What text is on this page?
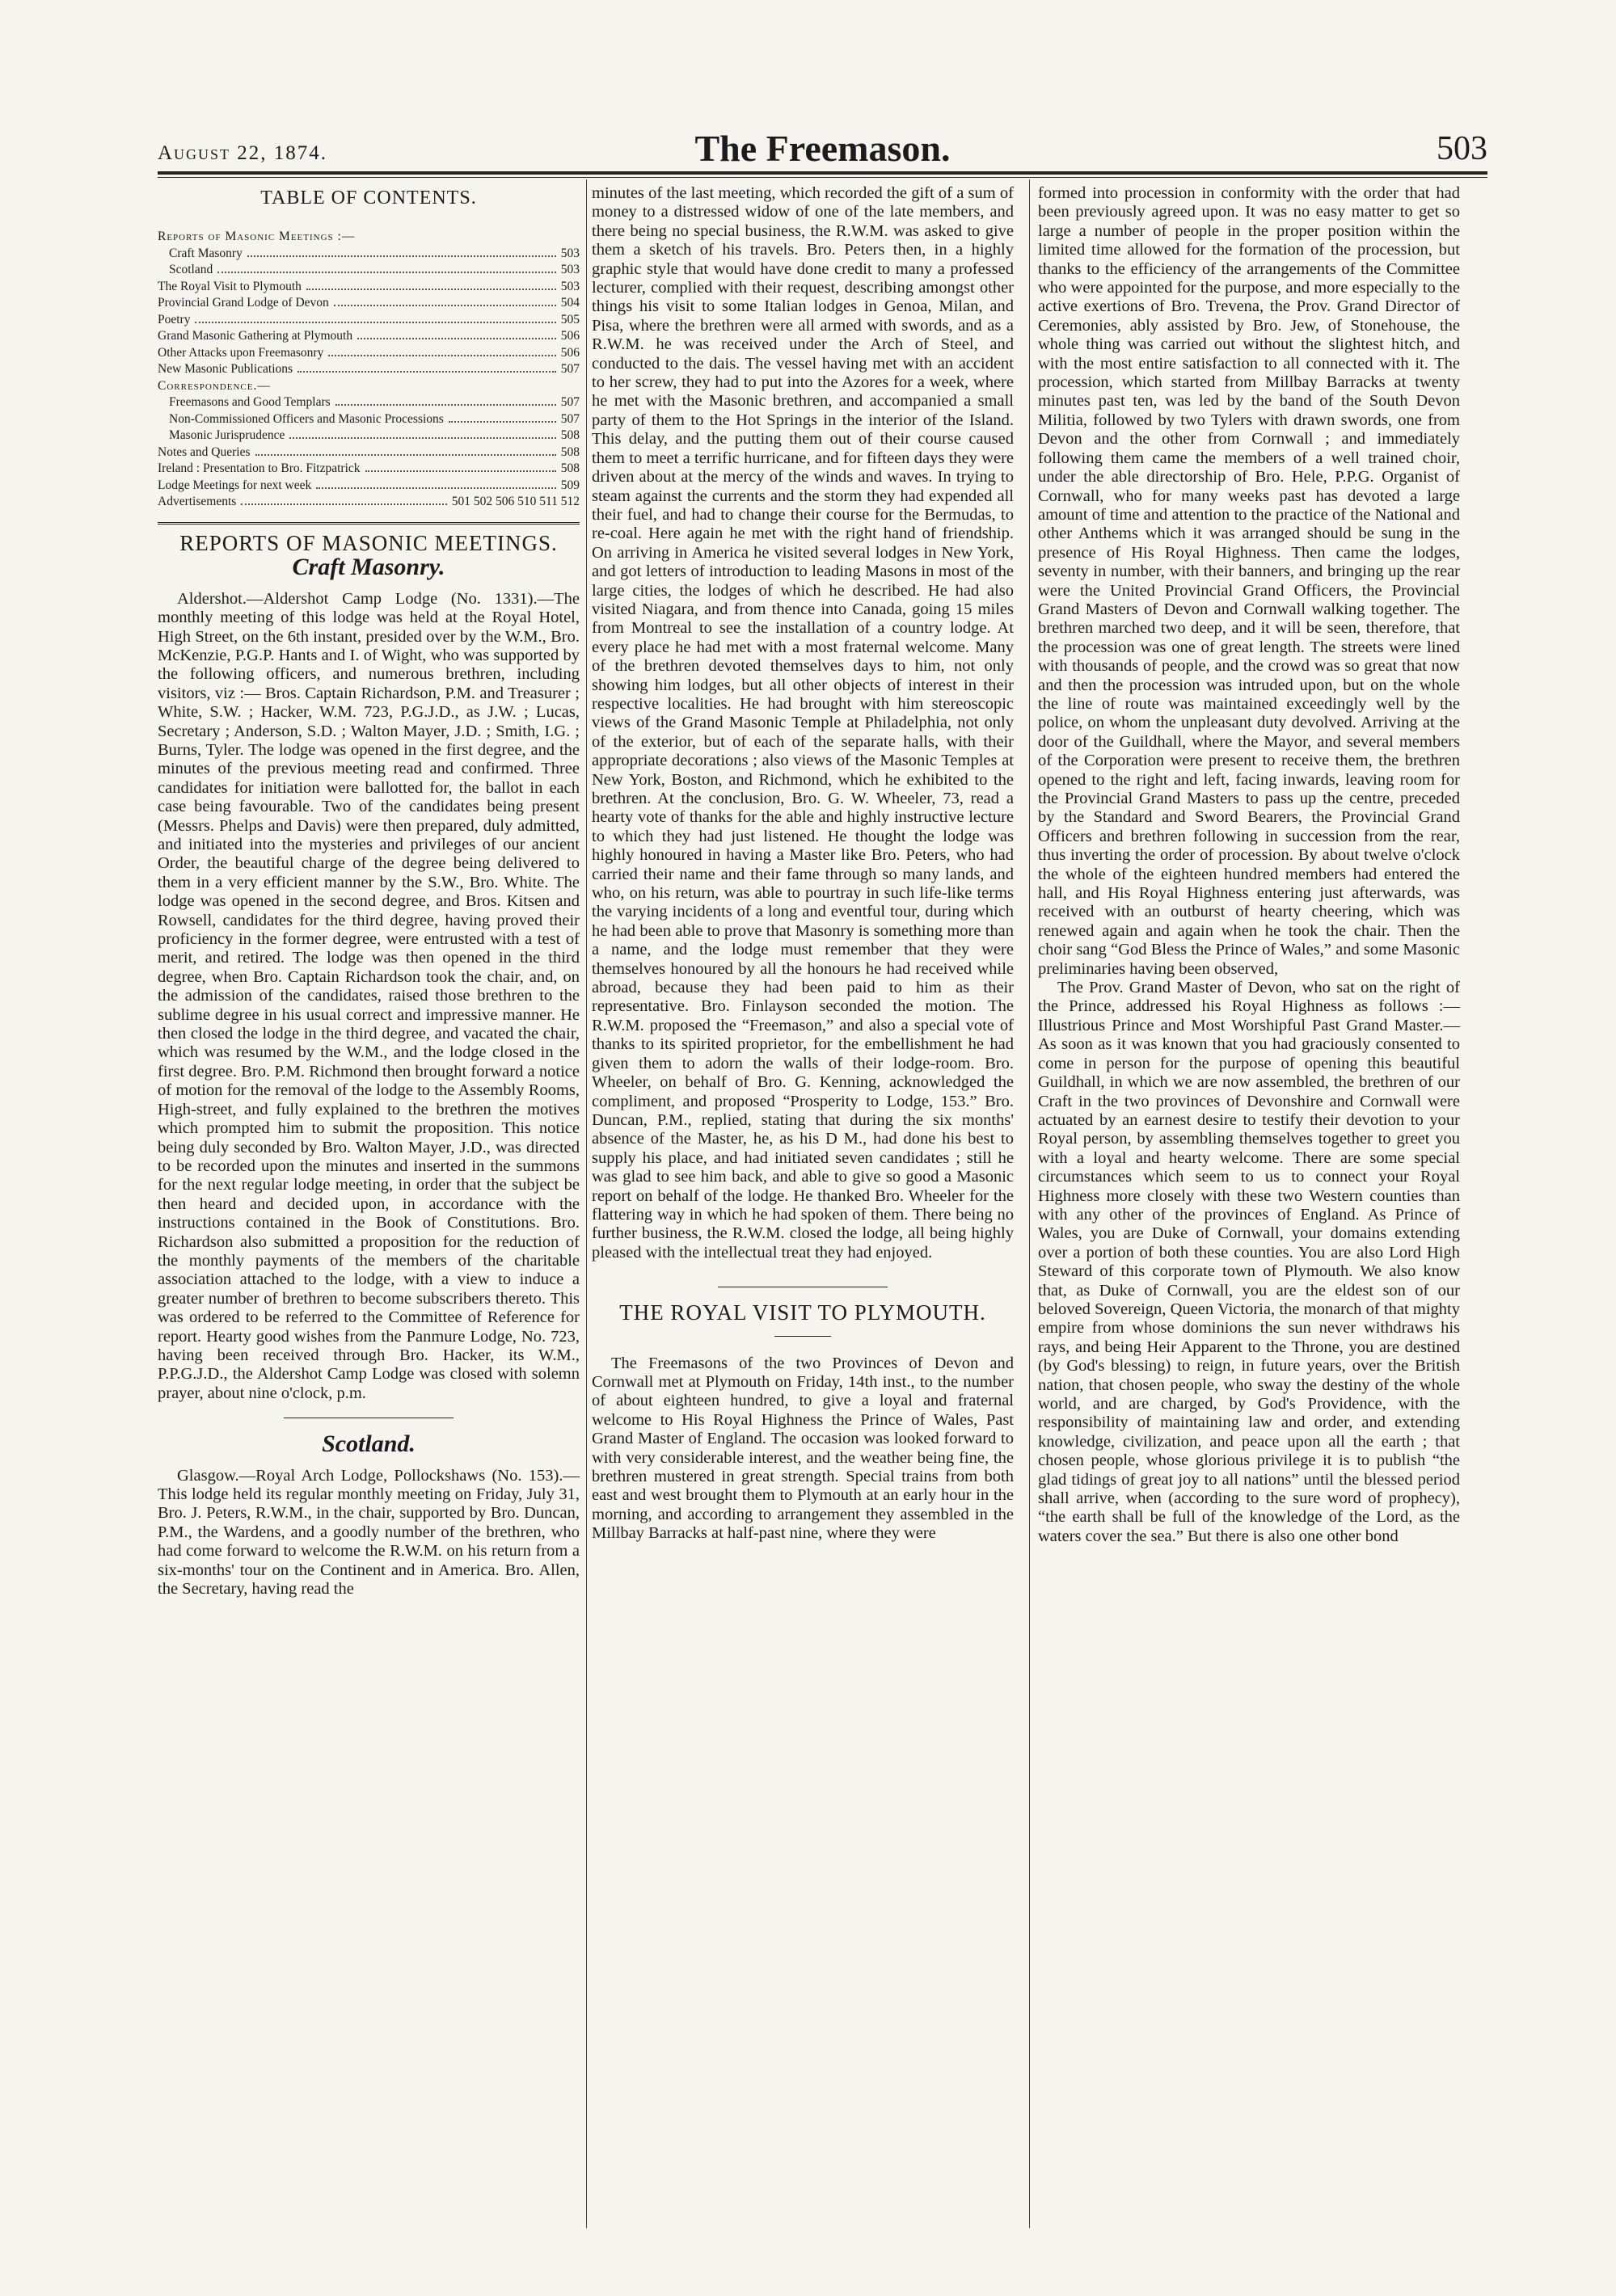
August 22, 1874.	The Freemason.	503
TABLE OF CONTENTS.
Reports of Masonic Meetings :—
Craft Masonry	503
Scotland	503
The Royal Visit to Plymouth	503
Provincial Grand Lodge of Devon	504
Poetry	505
Grand Masonic Gathering at Plymouth	506
Other Attacks upon Freemasonry	506
New Masonic Publications	507
Correspondence.—
Freemasons and Good Templars	507
Non-Commissioned Officers and Masonic Processions	507
Masonic Jurisprudence	508
Notes and Queries	508
Ireland : Presentation to Bro. Fitzpatrick	508
Lodge Meetings for next week	509
Advertisements	501 502 506 510 511 512
REPORTS OF MASONIC MEETINGS.
Craft Masonry.

Aldershot.—Aldershot Camp Lodge (No. 1331).—The monthly meeting of this lodge was held at the Royal Hotel, High Street, on the 6th instant, presided over by the W.M., Bro. McKenzie, P.G.P. Hants and I. of Wight, who was supported by the following officers, and numerous brethren, including visitors, viz :— Bros. Captain Richardson, P.M. and Treasurer ; White, S.W. ; Hacker, W.M. 723, P.G.J.D., as J.W. ; Lucas, Secretary ; Anderson, S.D. ; Walton Mayer, J.D. ; Smith, I.G. ; Burns, Tyler. The lodge was opened in the first degree, and the minutes of the previous meeting read and confirmed. Three candidates for initiation were ballotted for, the ballot in each case being favourable. Two of the candidates being present (Messrs. Phelps and Davis) were then prepared, duly admitted, and initiated into the mysteries and privileges of our ancient Order, the beautiful charge of the degree being delivered to them in a very efficient manner by the S.W., Bro. White. The lodge was opened in the second degree, and Bros. Kitsen and Rowsell, candidates for the third degree, having proved their proficiency in the former degree, were entrusted with a test of merit, and retired. The lodge was then opened in the third degree, when Bro. Captain Richardson took the chair, and, on the admission of the candidates, raised those brethren to the sublime degree in his usual correct and impressive manner. He then closed the lodge in the third degree, and vacated the chair, which was resumed by the W.M., and the lodge closed in the first degree. Bro. P.M. Richmond then brought forward a notice of motion for the removal of the lodge to the Assembly Rooms, High-street, and fully explained to the brethren the motives which prompted him to submit the proposition. This notice being duly seconded by Bro. Walton Mayer, J.D., was directed to be recorded upon the minutes and inserted in the summons for the next regular lodge meeting, in order that the subject be then heard and decided upon, in accordance with the instructions contained in the Book of Constitutions. Bro. Richardson also submitted a proposition for the reduction of the monthly payments of the members of the charitable association attached to the lodge, with a view to induce a greater number of brethren to become subscribers thereto. This was ordered to be referred to the Committee of Reference for report. Hearty good wishes from the Panmure Lodge, No. 723, having been received through Bro. Hacker, its W.M., P.P.G.J.D., the Aldershot Camp Lodge was closed with solemn prayer, about nine o'clock, p.m.

Scotland.

Glasgow.—Royal Arch Lodge, Pollockshaws (No. 153).—This lodge held its regular monthly meeting on Friday, July 31, Bro. J. Peters, R.W.M., in the chair, supported by Bro. Duncan, P.M., the Wardens, and a goodly number of the brethren, who had come forward to welcome the R.W.M. on his return from a six-months' tour on the Continent and in America. Bro. Allen, the Secretary, having read the

minutes of the last meeting, which recorded the gift of a sum of money to a distressed widow of one of the late members, and there being no special business, the R.W.M. was asked to give them a sketch of his travels. Bro. Peters then, in a highly graphic style that would have done credit to many a professed lecturer, complied with their request, describing amongst other things his visit to some Italian lodges in Genoa, Milan, and Pisa, where the brethren were all armed with swords, and as a R.W.M. he was received under the Arch of Steel, and conducted to the dais. The vessel having met with an accident to her screw, they had to put into the Azores for a week, where he met with the Masonic brethren, and accompanied a small party of them to the Hot Springs in the interior of the Island. This delay, and the putting them out of their course caused them to meet a terrific hurricane, and for fifteen days they were driven about at the mercy of the winds and waves. In trying to steam against the currents and the storm they had expended all their fuel, and had to change their course for the Bermudas, to re-coal. Here again he met with the right hand of friendship. On arriving in America he visited several lodges in New York, and got letters of introduction to leading Masons in most of the large cities, the lodges of which he described. He had also visited Niagara, and from thence into Canada, going 15 miles from Montreal to see the installation of a country lodge. At every place he had met with a most fraternal welcome. Many of the brethren devoted themselves days to him, not only showing him lodges, but all other objects of interest in their respective localities. He had brought with him stereoscopic views of the Grand Masonic Temple at Philadelphia, not only of the exterior, but of each of the separate halls, with their appropriate decorations ; also views of the Masonic Temples at New York, Boston, and Richmond, which he exhibited to the brethren. At the conclusion, Bro. G. W. Wheeler, 73, read a hearty vote of thanks for the able and highly instructive lecture to which they had just listened. He thought the lodge was highly honoured in having a Master like Bro. Peters, who had carried their name and their fame through so many lands, and who, on his return, was able to pourtray in such life-like terms the varying incidents of a long and eventful tour, during which he had been able to prove that Masonry is something more than a name, and the lodge must remember that they were themselves honoured by all the honours he had received while abroad, because they had been paid to him as their representative. Bro. Finlayson seconded the motion. The R.W.M. proposed the “Freemason,” and also a special vote of thanks to its spirited proprietor, for the embellishment he had given them to adorn the walls of their lodge-room. Bro. Wheeler, on behalf of Bro. G. Kenning, acknowledged the compliment, and proposed “Prosperity to Lodge, 153.” Bro. Duncan, P.M., replied, stating that during the six months' absence of the Master, he, as his D M., had done his best to supply his place, and had initiated seven candidates ; still he was glad to see him back, and able to give so good a Masonic report on behalf of the lodge. He thanked Bro. Wheeler for the flattering way in which he had spoken of them. There being no further business, the R.W.M. closed the lodge, all being highly pleased with the intellectual treat they had enjoyed.

THE ROYAL VISIT TO PLYMOUTH.

The Freemasons of the two Provinces of Devon and Cornwall met at Plymouth on Friday, 14th inst., to the number of about eighteen hundred, to give a loyal and fraternal welcome to His Royal Highness the Prince of Wales, Past Grand Master of England. The occasion was looked forward to with very considerable interest, and the weather being fine, the brethren mustered in great strength. Special trains from both east and west brought them to Plymouth at an early hour in the morning, and according to arrangement they assembled in the Millbay Barracks at half-past nine, where they were

formed into procession in conformity with the order that had been previously agreed upon. It was no easy matter to get so large a number of people in the proper position within the limited time allowed for the formation of the procession, but thanks to the efficiency of the arrangements of the Committee who were appointed for the purpose, and more especially to the active exertions of Bro. Trevena, the Prov. Grand Director of Ceremonies, ably assisted by Bro. Jew, of Stonehouse, the whole thing was carried out without the slightest hitch, and with the most entire satisfaction to all connected with it. The procession, which started from Millbay Barracks at twenty minutes past ten, was led by the band of the South Devon Militia, followed by two Tylers with drawn swords, one from Devon and the other from Cornwall ; and immediately following them came the members of a well trained choir, under the able directorship of Bro. Hele, P.P.G. Organist of Cornwall, who for many weeks past has devoted a large amount of time and attention to the practice of the National and other Anthems which it was arranged should be sung in the presence of His Royal Highness. Then came the lodges, seventy in number, with their banners, and bringing up the rear were the United Provincial Grand Officers, the Provincial Grand Masters of Devon and Cornwall walking together. The brethren marched two deep, and it will be seen, therefore, that the procession was one of great length. The streets were lined with thousands of people, and the crowd was so great that now and then the procession was intruded upon, but on the whole the line of route was maintained exceedingly well by the police, on whom the unpleasant duty devolved. Arriving at the door of the Guildhall, where the Mayor, and several members of the Corporation were present to receive them, the brethren opened to the right and left, facing inwards, leaving room for the Provincial Grand Masters to pass up the centre, preceded by the Standard and Sword Bearers, the Provincial Grand Officers and brethren following in succession from the rear, thus inverting the order of procession. By about twelve o'clock the whole of the eighteen hundred members had entered the hall, and His Royal Highness entering just afterwards, was received with an outburst of hearty cheering, which was renewed again and again when he took the chair. Then the choir sang “God Bless the Prince of Wales,” and some Masonic preliminaries having been observed,

The Prov. Grand Master of Devon, who sat on the right of the Prince, addressed his Royal Highness as follows :—Illustrious Prince and Most Worshipful Past Grand Master.—As soon as it was known that you had graciously consented to come in person for the purpose of opening this beautiful Guildhall, in which we are now assembled, the brethren of our Craft in the two provinces of Devonshire and Cornwall were actuated by an earnest desire to testify their devotion to your Royal person, by assembling themselves together to greet you with a loyal and hearty welcome. There are some special circumstances which seem to us to connect your Royal Highness more closely with these two Western counties than with any other of the provinces of England. As Prince of Wales, you are Duke of Cornwall, your domains extending over a portion of both these counties. You are also Lord High Steward of this corporate town of Plymouth. We also know that, as Duke of Cornwall, you are the eldest son of our beloved Sovereign, Queen Victoria, the monarch of that mighty empire from whose dominions the sun never withdraws his rays, and being Heir Apparent to the Throne, you are destined (by God's blessing) to reign, in future years, over the British nation, that chosen people, who sway the destiny of the whole world, and are charged, by God's Providence, with the responsibility of maintaining law and order, and extending knowledge, civilization, and peace upon all the earth ; that chosen people, whose glorious privilege it is to publish “the glad tidings of great joy to all nations” until the blessed period shall arrive, when (according to the sure word of prophecy), “the earth shall be full of the knowledge of the Lord, as the waters cover the sea.” But there is also one other bond
